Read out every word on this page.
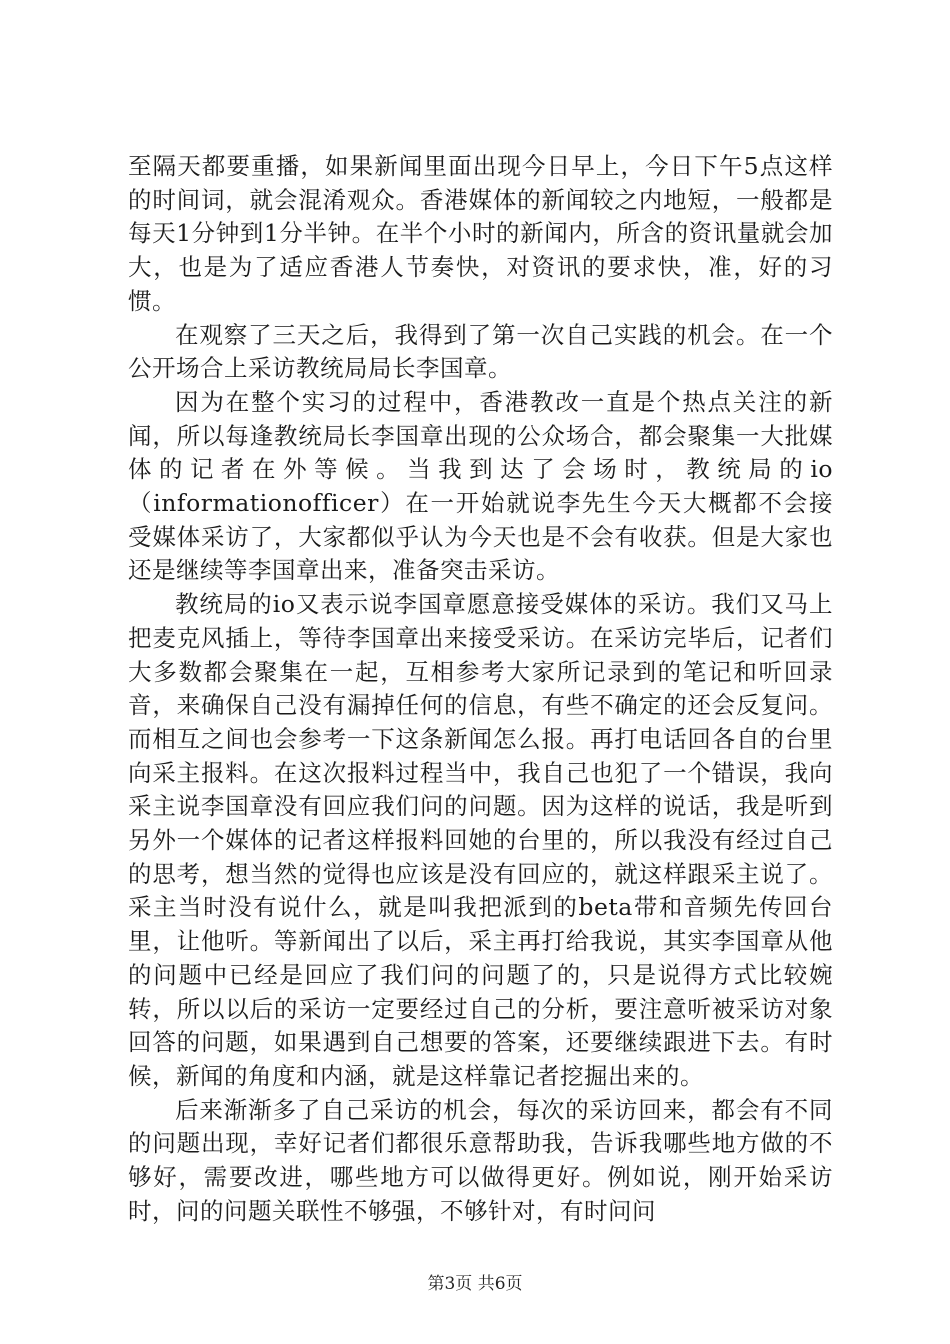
至隔天都要重播，如果新闻里面出现今日早上，今日下午5点这样的时间词，就会混淆观众。香港媒体的新闻较之内地短，一般都是每天1分钟到1分半钟。在半个小时的新闻内，所含的资讯量就会加大，也是为了适应香港人节奏快，对资讯的要求快，准，好的习惯。

在观察了三天之后，我得到了第一次自己实践的机会。在一个公开场合上采访教统局局长李国章。

因为在整个实习的过程中，香港教改一直是个热点关注的新闻，所以每逢教统局长李国章出现的公众场合，都会聚集一大批媒体的记者在外等候。当我到达了会场时，教统局的io（informationofficer）在一开始就说李先生今天大概都不会接受媒体采访了，大家都似乎认为今天也是不会有收获。但是大家也还是继续等李国章出来，准备突击采访。

教统局的io又表示说李国章愿意接受媒体的采访。我们又马上把麦克风插上，等待李国章出来接受采访。在采访完毕后，记者们大多数都会聚集在一起，互相参考大家所记录到的笔记和听回录音，来确保自己没有漏掉任何的信息，有些不确定的还会反复问。而相互之间也会参考一下这条新闻怎么报。再打电话回各自的台里向采主报料。在这次报料过程当中，我自己也犯了一个错误，我向采主说李国章没有回应我们问的问题。因为这样的说话，我是听到另外一个媒体的记者这样报料回她的台里的，所以我没有经过自己的思考，想当然的觉得也应该是没有回应的，就这样跟采主说了。采主当时没有说什么，就是叫我把派到的beta带和音频先传回台里，让他听。等新闻出了以后，采主再打给我说，其实李国章从他的问题中已经是回应了我们问的问题了的，只是说得方式比较婉转，所以以后的采访一定要经过自己的分析，要注意听被采访对象回答的问题，如果遇到自己想要的答案，还要继续跟进下去。有时候，新闻的角度和内涵，就是这样靠记者挖掘出来的。

后来渐渐多了自己采访的机会，每次的采访回来，都会有不同的问题出现，幸好记者们都很乐意帮助我，告诉我哪些地方做的不够好，需要改进，哪些地方可以做得更好。例如说，刚开始采访时，问的问题关联性不够强，不够针对，有时问问

第3页 共6页
